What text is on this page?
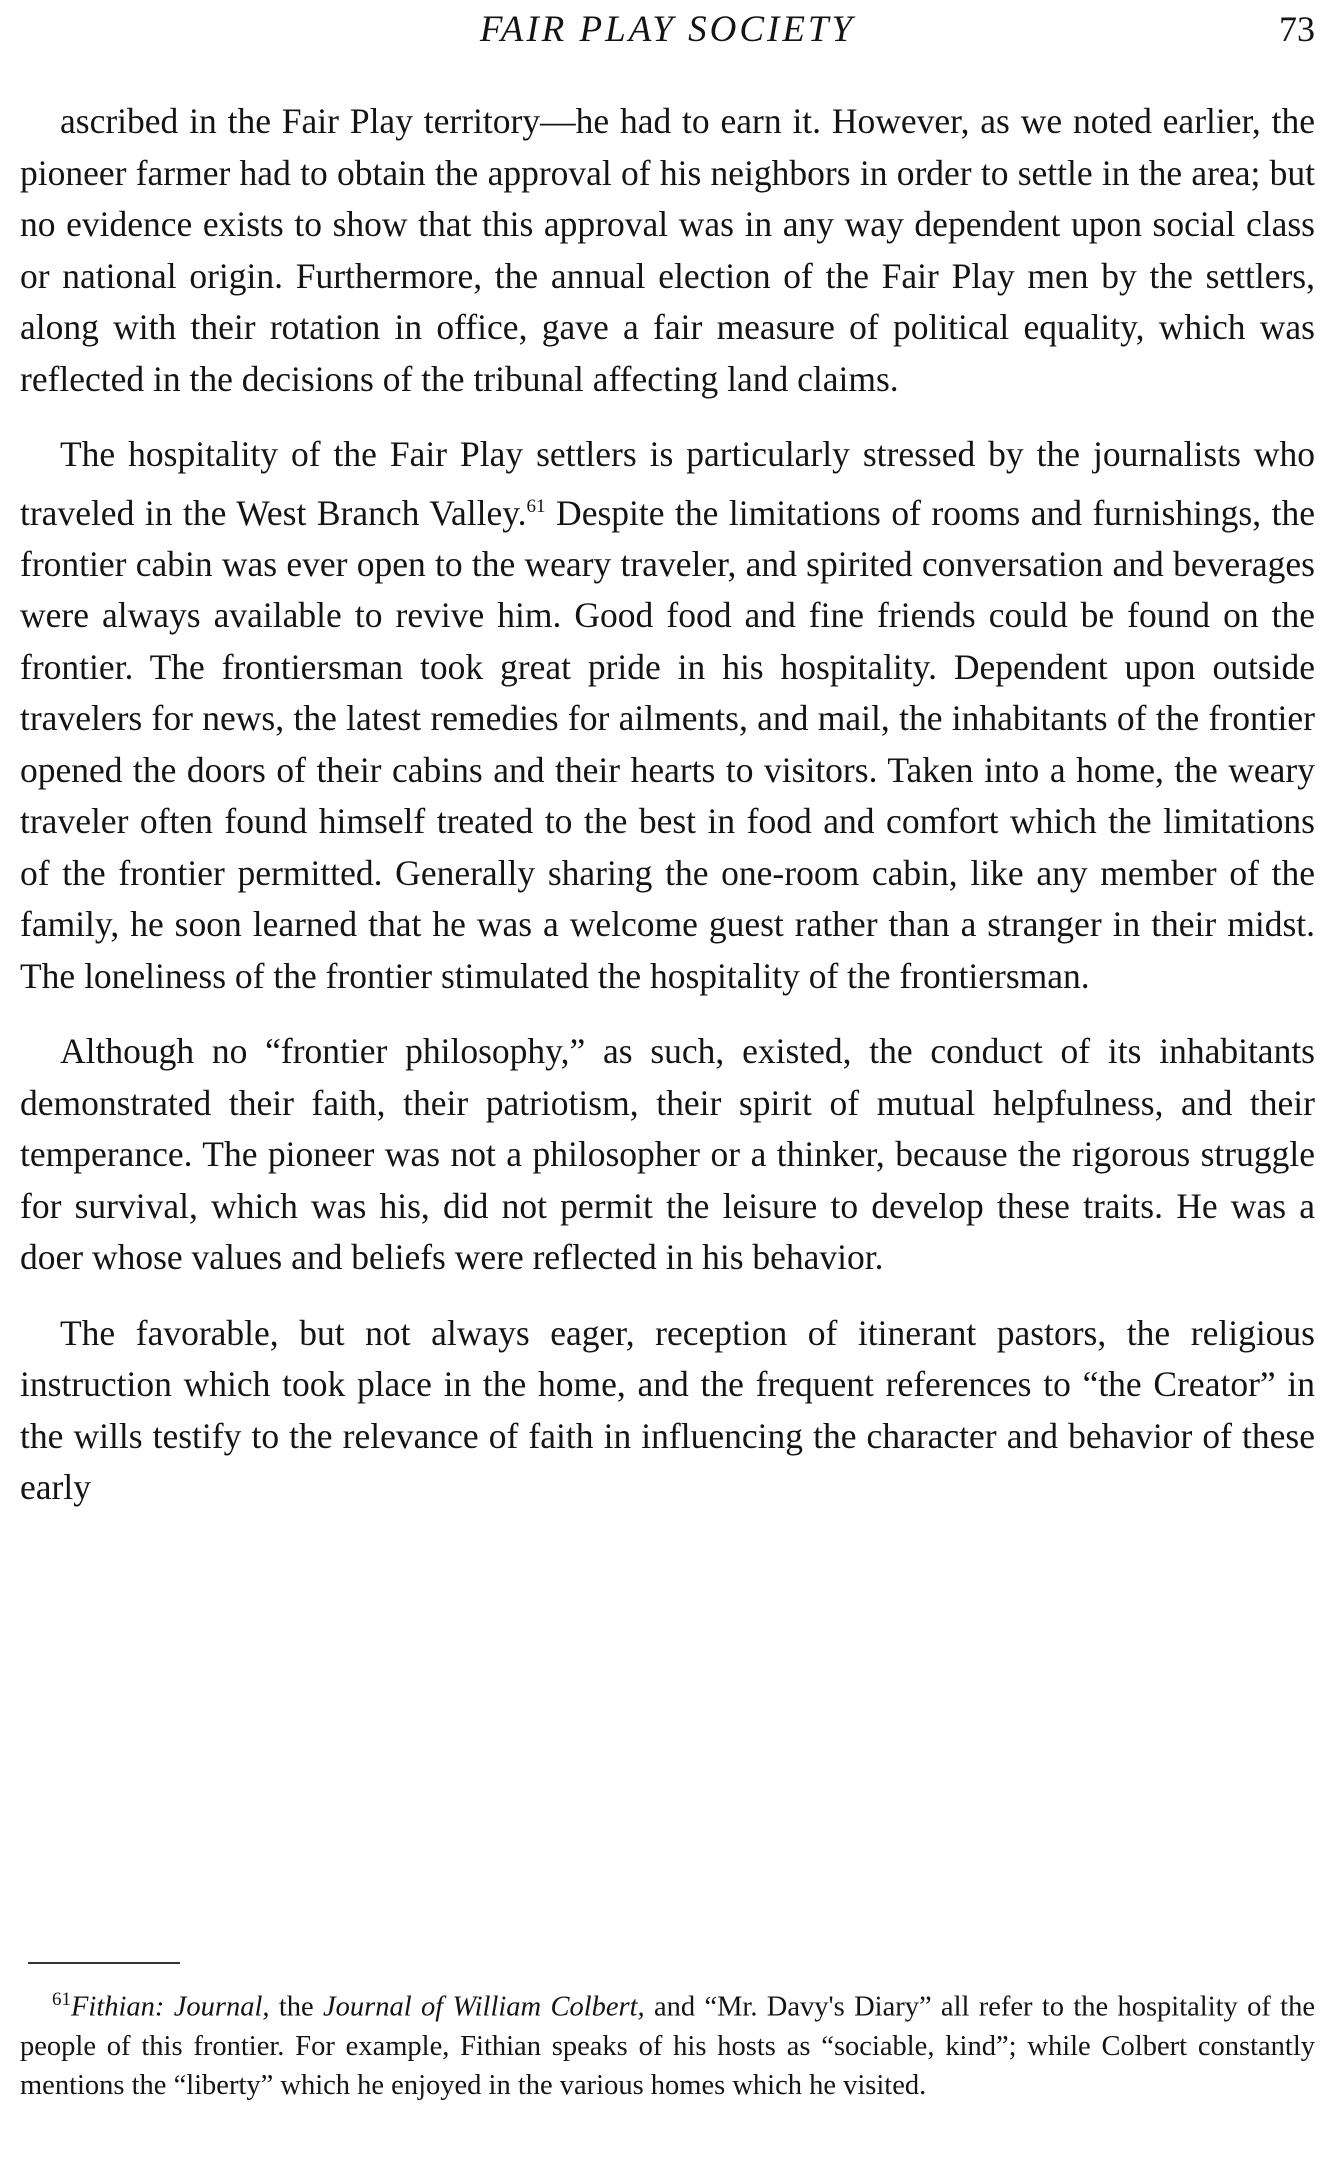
FAIR PLAY SOCIETY	73

ascribed in the Fair Play territory—he had to earn it. However, as we noted earlier, the pioneer farmer had to obtain the approval of his neighbors in order to settle in the area; but no evidence exists to show that this approval was in any way dependent upon social class or national origin. Furthermore, the annual election of the Fair Play men by the settlers, along with their rotation in office, gave a fair measure of political equality, which was reflected in the decisions of the tribunal affecting land claims.

The hospitality of the Fair Play settlers is particularly stressed by the journalists who traveled in the West Branch Valley.$^{61}$ Despite the limitations of rooms and furnishings, the frontier cabin was ever open to the weary traveler, and spirited conversation and beverages were always available to revive him. Good food and fine friends could be found on the frontier. The frontiersman took great pride in his hospitality. Dependent upon outside travelers for news, the latest remedies for ailments, and mail, the inhabitants of the frontier opened the doors of their cabins and their hearts to visitors. Taken into a home, the weary traveler often found himself treated to the best in food and comfort which the limitations of the frontier permitted. Generally sharing the one-room cabin, like any member of the family, he soon learned that he was a welcome guest rather than a stranger in their midst. The loneliness of the frontier stimulated the hospitality of the frontiersman.

Although no “frontier philosophy,” as such, existed, the conduct of its inhabitants demonstrated their faith, their patriotism, their spirit of mutual helpfulness, and their temperance. The pioneer was not a philosopher or a thinker, because the rigorous struggle for survival, which was his, did not permit the leisure to develop these traits. He was a doer whose values and beliefs were reflected in his behavior.

The favorable, but not always eager, reception of itinerant pastors, the religious instruction which took place in the home, and the frequent references to “the Creator” in the wills testify to the relevance of faith in influencing the character and behavior of these early

$^{61}$Fithian: Journal, the Journal of William Colbert, and “Mr. Davy's Diary” all refer to the hospitality of the people of this frontier. For example, Fithian speaks of his hosts as “sociable, kind”; while Colbert constantly mentions the “liberty” which he enjoyed in the various homes which he visited.
